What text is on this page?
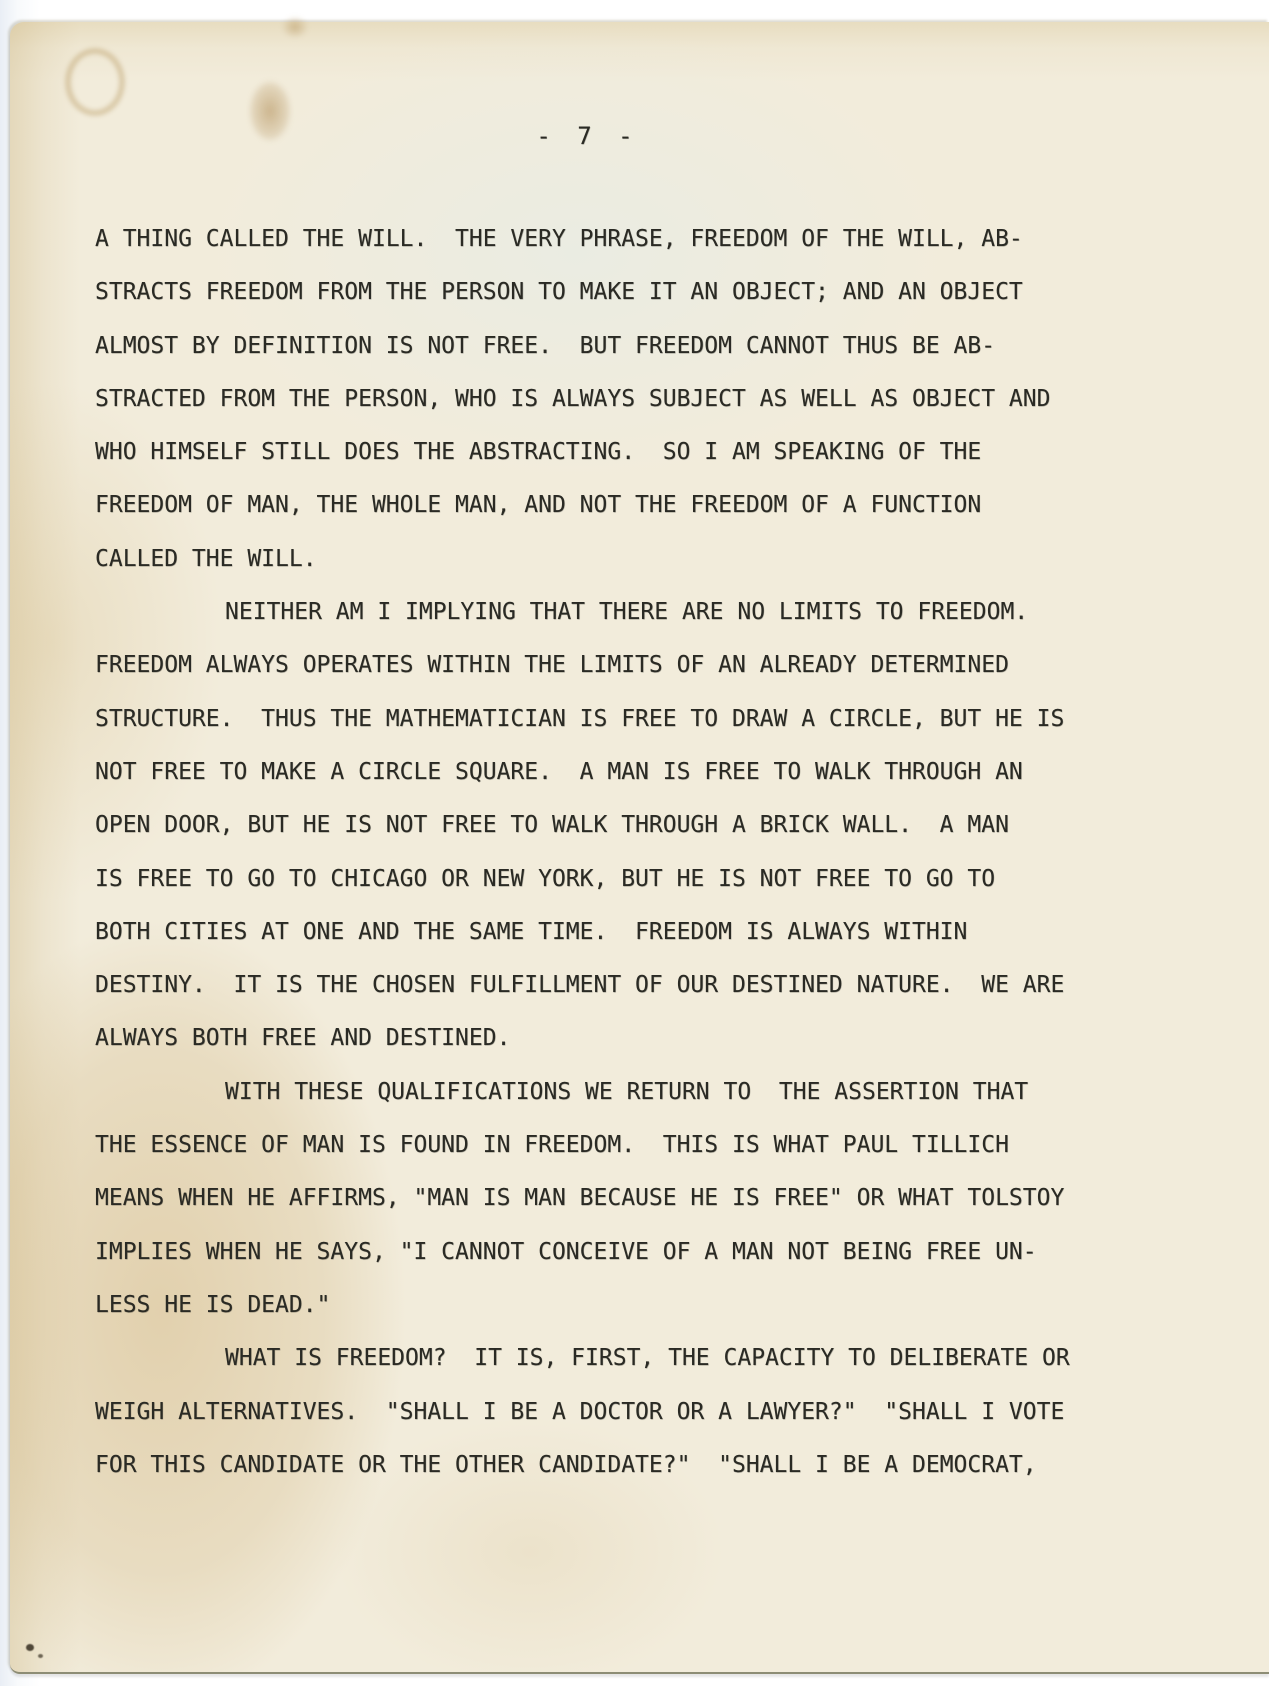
- 7 -
A THING CALLED THE WILL.  THE VERY PHRASE, FREEDOM OF THE WILL, AB-
STRACTS FREEDOM FROM THE PERSON TO MAKE IT AN OBJECT; AND AN OBJECT
ALMOST BY DEFINITION IS NOT FREE.  BUT FREEDOM CANNOT THUS BE AB-
STRACTED FROM THE PERSON, WHO IS ALWAYS SUBJECT AS WELL AS OBJECT AND
WHO HIMSELF STILL DOES THE ABSTRACTING.  SO I AM SPEAKING OF THE
FREEDOM OF MAN, THE WHOLE MAN, AND NOT THE FREEDOM OF A FUNCTION
CALLED THE WILL.
NEITHER AM I IMPLYING THAT THERE ARE NO LIMITS TO FREEDOM.
FREEDOM ALWAYS OPERATES WITHIN THE LIMITS OF AN ALREADY DETERMINED
STRUCTURE.  THUS THE MATHEMATICIAN IS FREE TO DRAW A CIRCLE, BUT HE IS
NOT FREE TO MAKE A CIRCLE SQUARE.  A MAN IS FREE TO WALK THROUGH AN
OPEN DOOR, BUT HE IS NOT FREE TO WALK THROUGH A BRICK WALL.  A MAN
IS FREE TO GO TO CHICAGO OR NEW YORK, BUT HE IS NOT FREE TO GO TO
BOTH CITIES AT ONE AND THE SAME TIME.  FREEDOM IS ALWAYS WITHIN
DESTINY.  IT IS THE CHOSEN FULFILLMENT OF OUR DESTINED NATURE.  WE ARE
ALWAYS BOTH FREE AND DESTINED.
WITH THESE QUALIFICATIONS WE RETURN TO  THE ASSERTION THAT
THE ESSENCE OF MAN IS FOUND IN FREEDOM.  THIS IS WHAT PAUL TILLICH
MEANS WHEN HE AFFIRMS, "MAN IS MAN BECAUSE HE IS FREE" OR WHAT TOLSTOY
IMPLIES WHEN HE SAYS, "I CANNOT CONCEIVE OF A MAN NOT BEING FREE UN-
LESS HE IS DEAD."
WHAT IS FREEDOM?  IT IS, FIRST, THE CAPACITY TO DELIBERATE OR
WEIGH ALTERNATIVES.  "SHALL I BE A DOCTOR OR A LAWYER?"  "SHALL I VOTE
FOR THIS CANDIDATE OR THE OTHER CANDIDATE?"  "SHALL I BE A DEMOCRAT,
